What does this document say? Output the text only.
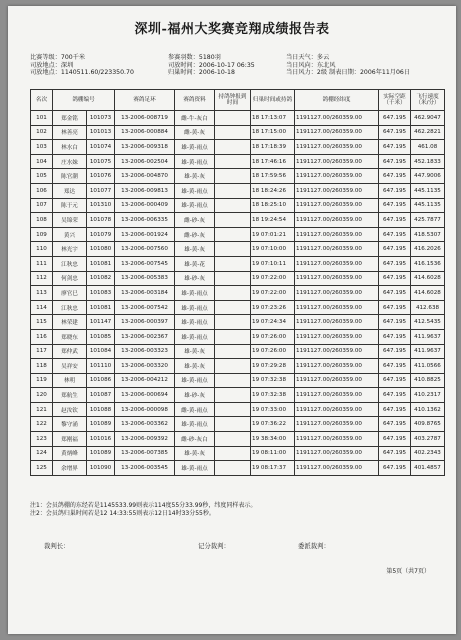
深圳-福州大奖赛竞翔成绩报告表
比赛等级：700千米
司放地点：深圳
司放地点：1140511.60/223350.70
参赛羽数：5180羽
司放时间：2006-10-17 06:35
归巢时间：2006-10-18
当日天气：多云
当日风向：东北风
当日风力：2级 制表日期：2006年11月06日
名次	鸽棚编号		赛鸽足环	赛鸽资料	持鸽钟报到时间	归巢时间或持鸽	鸽棚经纬度	实际空距（千米）	飞行速度（米/分）
101	郑金铭	101073	13-2006-008719	雌-牛-灰白		18 17:13:07	1191127.00/260359.00	647.195	462.9047
102	林善亮	101013	13-2006-000884	雌-黄-灰		18 17:15:00	1191127.00/260359.00	647.195	462.2821
103	林水白	101074	13-2006-009318	雄-黄-雨点		18 17:18:39	1191127.00/260359.00	647.195	461.08
104	庄水妹	101075	13-2006-002504	雄-黄-雨点		18 17:46:16	1191127.00/260359.00	647.195	452.1833
105	陈官潮	101076	13-2006-004870	雄-黄-灰		18 17:59:56	1191127.00/260359.00	647.195	447.9006
106	郑达	101077	13-2006-009813	雄-黄-雨点		18 18:24:26	1191127.00/260359.00	647.195	445.1135
107	陈于元	101310	13-2006-000409	雄-黄-雨点		18 18:25:10	1191127.00/260359.00	647.195	445.1135
108	吴锦荣	101078	13-2006-006335	雌-砂-灰		18 19:24:54	1191127.00/260359.00	647.195	425.7877
109	黄兴	101079	13-2006-001924	雌-砂-灰		19 07:01:21	1191127.00/260359.00	647.195	418.5307
110	林光宇	101080	13-2006-007560	雄-黄-灰		19 07:10:00	1191127.00/260359.00	647.195	416.2026
111	江秋忠	101081	13-2006-007545	雄-黄-花		19 07:10:11	1191127.00/260359.00	647.195	416.1536
112	何剑忠	101082	13-2006-005383	雄-砂-灰		19 07:22:00	1191127.00/260359.00	647.195	414.6028
113	廖官巳	101083	13-2006-003184	雄-黄-雨点		19 07:22:00	1191127.00/260359.00	647.195	414.6028
114	江秋忠	101081	13-2006-007542	雄-黄-雨点		19 07:23:26	1191127.00/260359.00	647.195	412.638
115	林荣建	101147	13-2006-000397	雄-黄-雨点		19 07:24:34	1191127.00/260359.00	647.195	412.5435
116	郑晓东	101085	13-2006-002367	雄-黄-雨点		19 07:26:00	1191127.00/260359.00	647.195	411.9637
117	郑仲武	101084	13-2006-003323	雄-黄-灰		19 07:26:00	1191127.00/260359.00	647.195	411.9637
118	吴祥安	101110	13-2006-003320	雄-黄-灰		19 07:29:28	1191127.00/260359.00	647.195	411.0566
119	林明	101086	13-2006-004212	雄-黄-雨点		19 07:32:38	1191127.00/260359.00	647.195	410.8825
120	郑航生	101087	13-2006-000694	雄-砂-灰		19 07:32:38	1191127.00/260359.00	647.195	410.2317
121	赵汝钦	101088	13-2006-000098	雌-黄-雨点		19 07:33:00	1191127.00/260359.00	647.195	410.1362
122	黎守涌	101089	13-2006-003362	雄-黄-雨点		19 07:36:22	1191127.00/260359.00	647.195	409.8765
123	郑刚福	101016	13-2006-009392	雌-砂-灰白		19 38:34:00	1191127.00/260359.00	647.195	403.2787
124	黄炳峰	101089	13-2006-007385	雄-黄-灰		19 08:11:00	1191127.00/260359.00	647.195	402.2343
125	余增界	101090	13-2006-003545	雄-黄-雨点		19 08:17:37	1191127.00/260359.00	647.195	401.4857
注1：会员鸽棚的东经若是1145533.99则表示114度55分33.99秒，纬度同样表示。
注2：会员鸽归巢时间若是12 14:33:55则表示12日14时33分55秒。
裁判长：	记分裁判：	委派裁判：
第5页（共7页）
